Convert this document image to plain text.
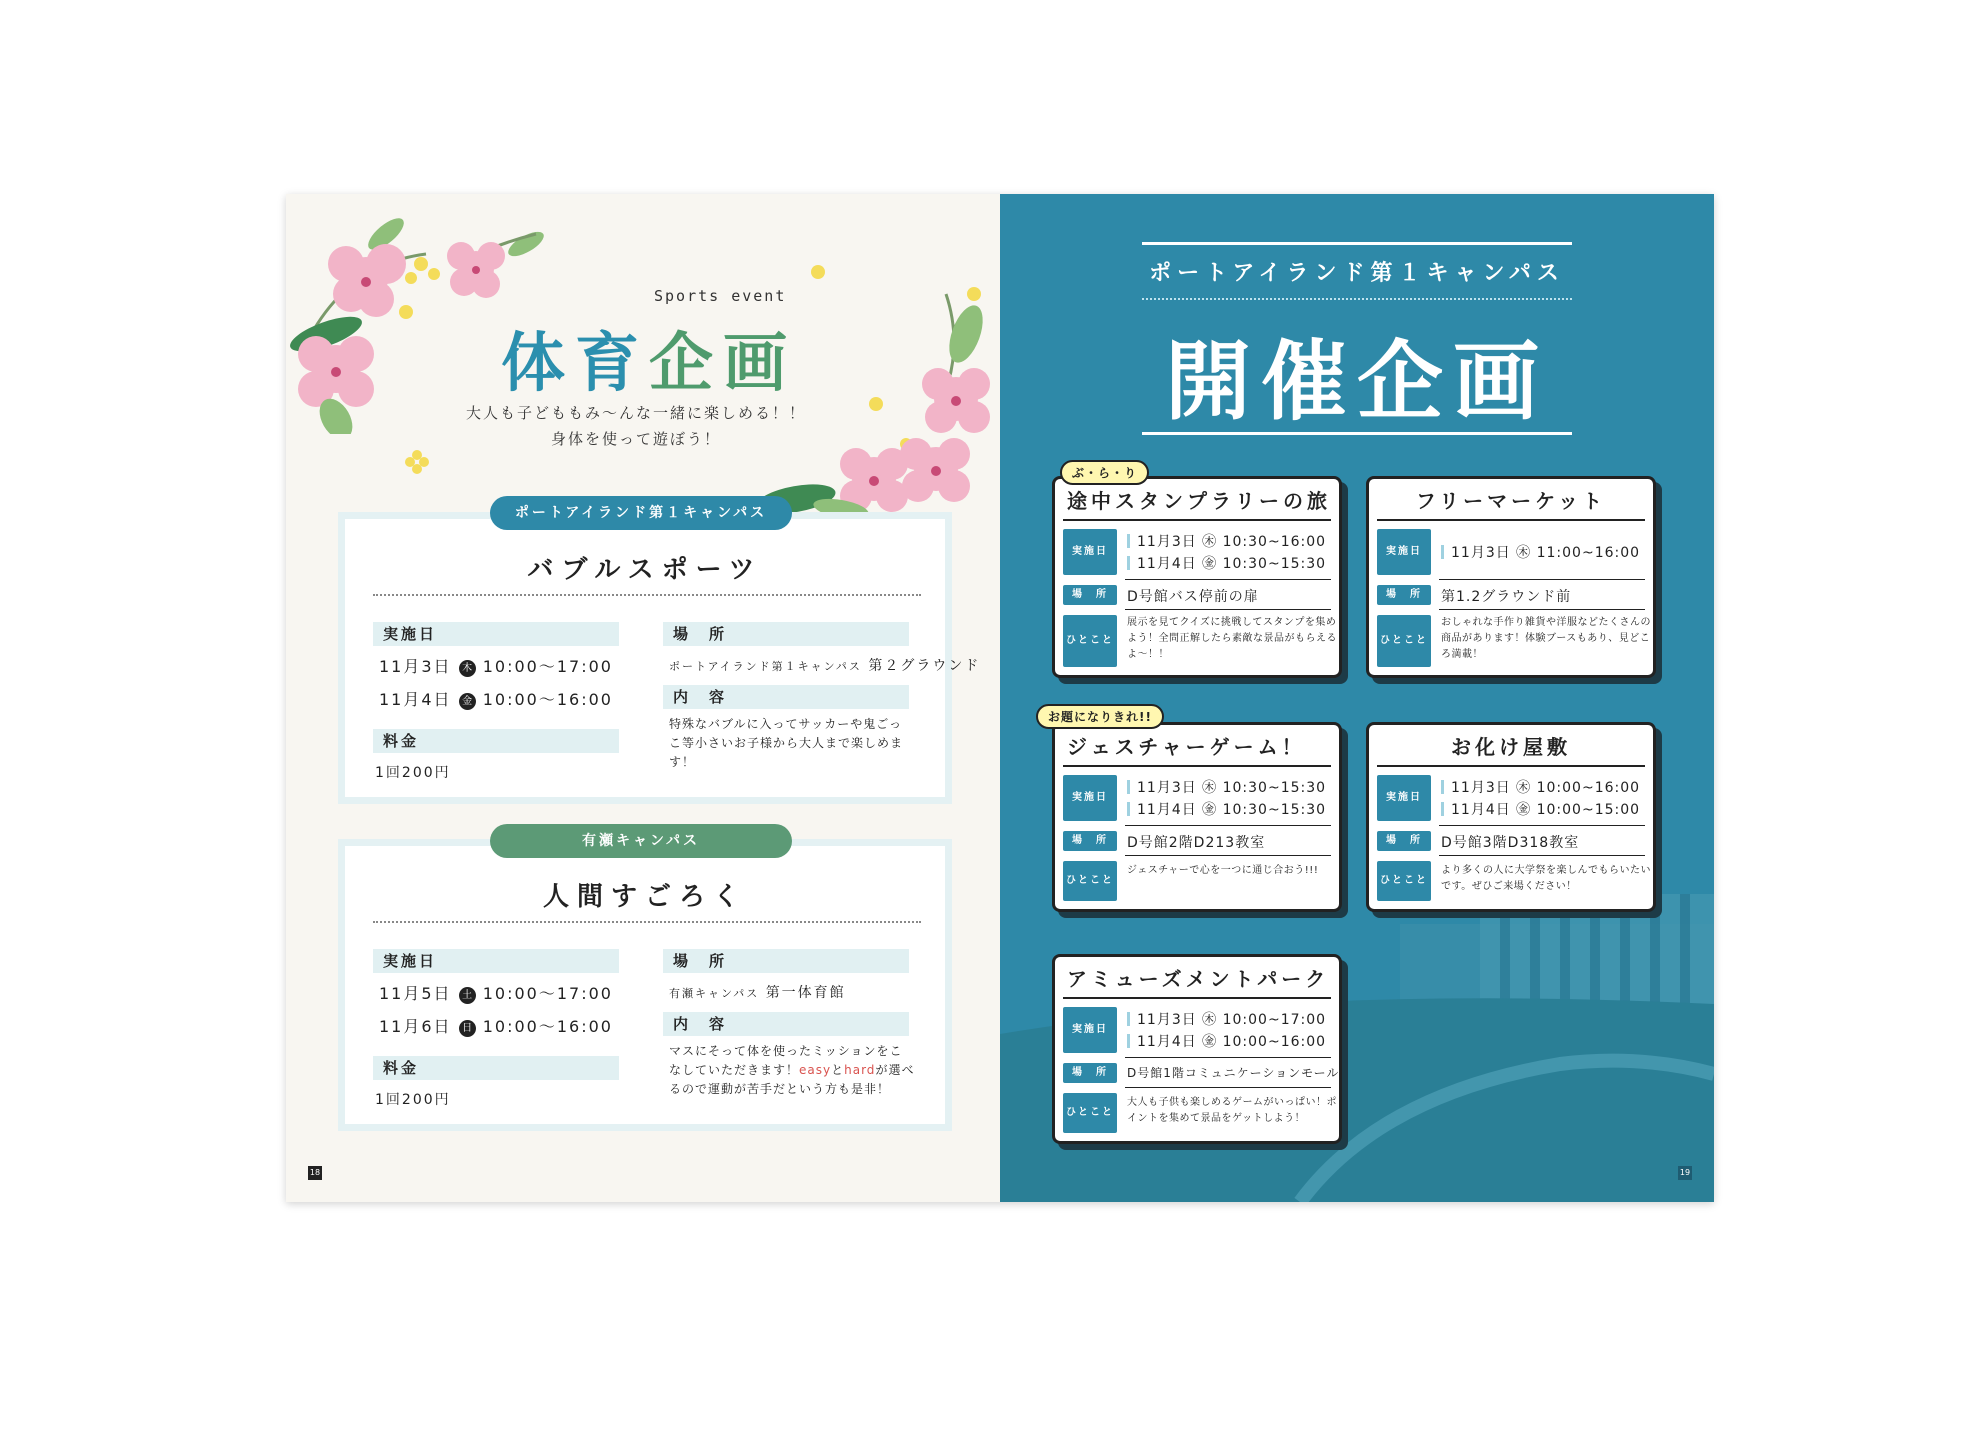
Sports event
体育企画
大人も子どももみ〜んな一緒に楽しめる！！
身体を使って遊ぼう！
バブルスポーツ
実施日
11月3日 木 10:00〜17:00
11月4日 金 10:00〜16:00
料金
1回200円
場　所
ポートアイランド第１キャンパス 第２グラウンド
内　容
特殊なバブルに入ってサッカーや鬼ごっこ等小さいお子様から大人まで楽しめます！
ポートアイランド第１キャンパス
人間すごろく
実施日
11月5日 土 10:00〜17:00
11月6日 日 10:00〜16:00
料金
1回200円
場　所
有瀬キャンパス 第一体育館
内　容
マスにそって体を使ったミッションをこなしていただきます！easyとhardが選べるので運動が苦手だという方も是非！
有瀬キャンパス
18
ポートアイランド第１キャンパス
開催企画
途中スタンプラリーの旅
実施日
11月3日 ㊍ 10:30~16:00
11月4日 ㊎ 10:30~15:30
場　所	D号館バス停前の扉
ひとこと
展示を見てクイズに挑戦してスタンプを集めよう！全問正解したら素敵な景品がもらえるよ〜！！
ぶ・ら・り
フリーマーケット
実施日	11月3日 ㊍ 11:00~16:00
場　所	第1.2グラウンド前
ひとこと
おしゃれな手作り雑貨や洋服などたくさんの商品があります！体験ブースもあり、見どころ満載！
ジェスチャーゲーム！
実施日
11月3日 ㊍ 10:30~15:30
11月4日 ㊎ 10:30~15:30
場　所	D号館2階D213教室
ひとこと
ジェスチャーで心を一つに通じ合おう!!!
お題になりきれ!!
お化け屋敷
実施日
11月3日 ㊍ 10:00~16:00
11月4日 ㊎ 10:00~15:00
場　所	D号館3階D318教室
ひとこと
より多くの人に大学祭を楽しんでもらいたいです。ぜひご来場ください！
アミューズメントパーク
実施日
11月3日 ㊍ 10:00~17:00
11月4日 ㊎ 10:00~16:00
場　所	D号館1階コミュニケーションモール
ひとこと
大人も子供も楽しめるゲームがいっぱい！ポイントを集めて景品をゲットしよう！
19
